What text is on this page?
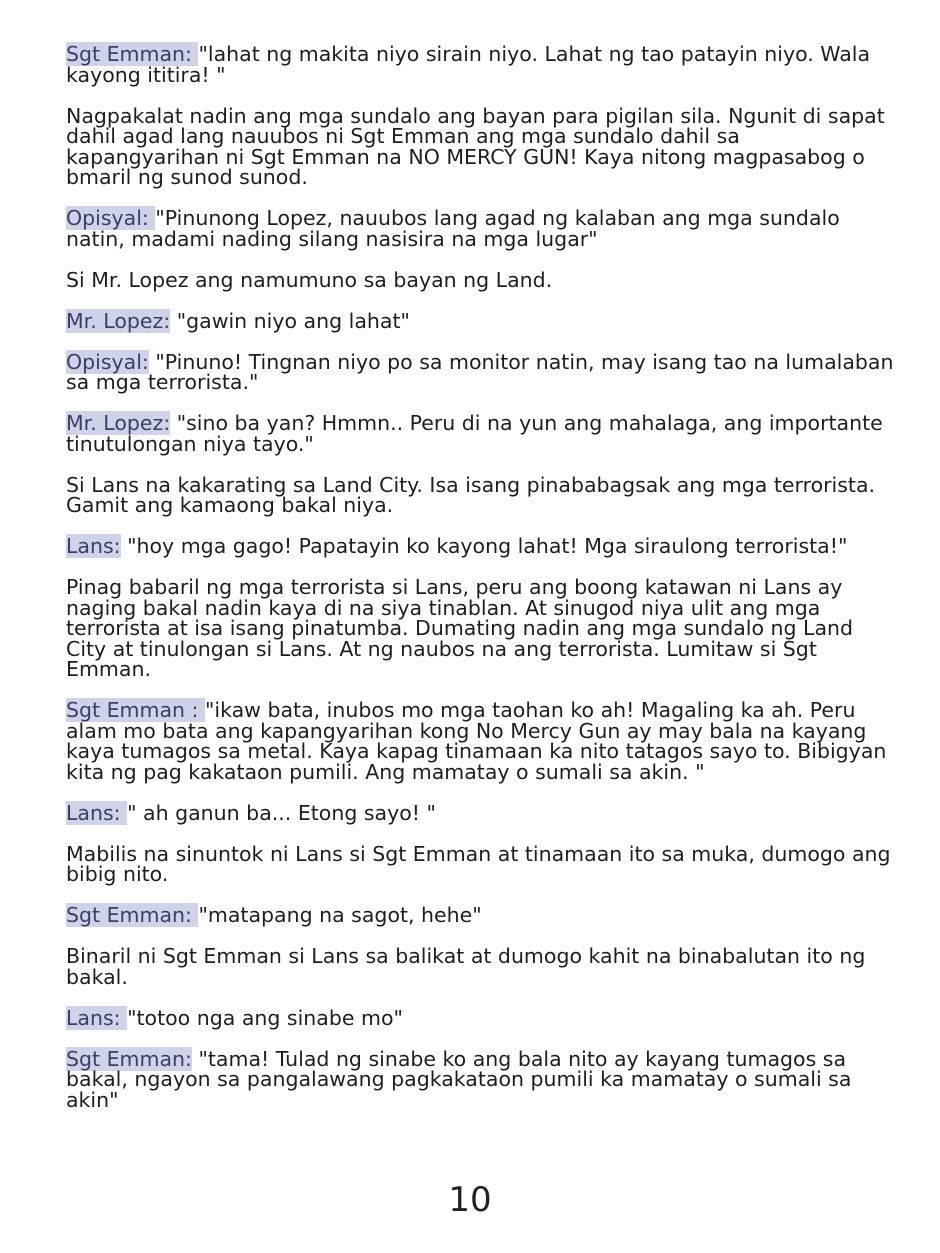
Sgt Emman: "lahat ng makita niyo sirain niyo. Lahat ng tao patayin niyo. Wala kayong ititira! "

Nagpakalat nadin ang mga sundalo ang bayan para pigilan sila. Ngunit di sapat dahil agad lang nauubos ni Sgt Emman ang mga sundalo dahil sa kapangyarihan ni Sgt Emman na NO MERCY GUN! Kaya nitong magpasabog o bmaril ng sunod sunod.

Opisyal: "Pinunong Lopez, nauubos lang agad ng kalaban ang mga sundalo natin, madami nading silang nasisira na mga lugar"

Si Mr. Lopez ang namumuno sa bayan ng Land.

Mr. Lopez: "gawin niyo ang lahat"

Opisyal: "Pinuno! Tingnan niyo po sa monitor natin, may isang tao na lumalaban sa mga terrorista."

Mr. Lopez: "sino ba yan? Hmmn.. Peru di na yun ang mahalaga, ang importante tinutulongan niya tayo."

Si Lans na kakarating sa Land City. Isa isang pinababagsak ang mga terrorista. Gamit ang kamaong bakal niya.

Lans: "hoy mga gago! Papatayin ko kayong lahat! Mga siraulong terrorista!"

Pinag babaril ng mga terrorista si Lans, peru ang boong katawan ni Lans ay naging bakal nadin kaya di na siya tinablan. At sinugod niya ulit ang mga terrorista at isa isang pinatumba. Dumating nadin ang mga sundalo ng Land City at tinulongan si Lans. At ng naubos na ang terrorista. Lumitaw si Sgt Emman.

Sgt Emman : "ikaw bata, inubos mo mga taohan ko ah! Magaling ka ah. Peru alam mo bata ang kapangyarihan kong No Mercy Gun ay may bala na kayang kaya tumagos sa metal. Kaya kapag tinamaan ka nito tatagos sayo to. Bibigyan kita ng pag kakataon pumili. Ang mamatay o sumali sa akin. "

Lans: " ah ganun ba... Etong sayo! "

Mabilis na sinuntok ni Lans si Sgt Emman at tinamaan ito sa muka, dumogo ang bibig nito.

Sgt Emman: "matapang na sagot, hehe"

Binaril ni Sgt Emman si Lans sa balikat at dumogo kahit na binabalutan ito ng bakal.

Lans: "totoo nga ang sinabe mo"

Sgt Emman: "tama! Tulad ng sinabe ko ang bala nito ay kayang tumagos sa bakal, ngayon sa pangalawang pagkakataon pumili ka mamatay o sumali sa akin"

10
